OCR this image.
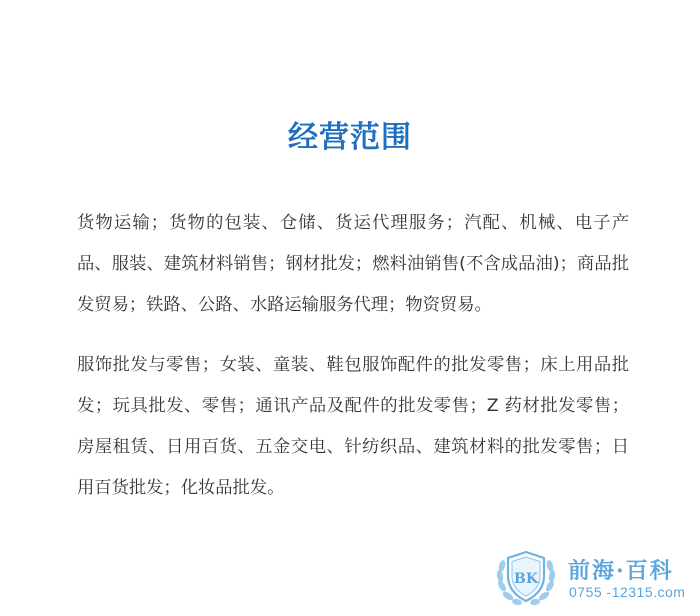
经营范围

货物运输；货物的包装、仓储、货运代理服务；汽配、机械、电子产品、服装、建筑材料销售；钢材批发；燃料油销售(不含成品油)；商品批发贸易；铁路、公路、水路运输服务代理；物资贸易。

服饰批发与零售；女装、童装、鞋包服饰配件的批发零售；床上用品批发；玩具批发、零售；通讯产品及配件的批发零售；Z 药材批发零售；房屋租赁、日用百货、五金交电、针纺织品、建筑材料的批发零售；日用百货批发；化妆品批发。

BK 前海·百科
0755 -12315.com
